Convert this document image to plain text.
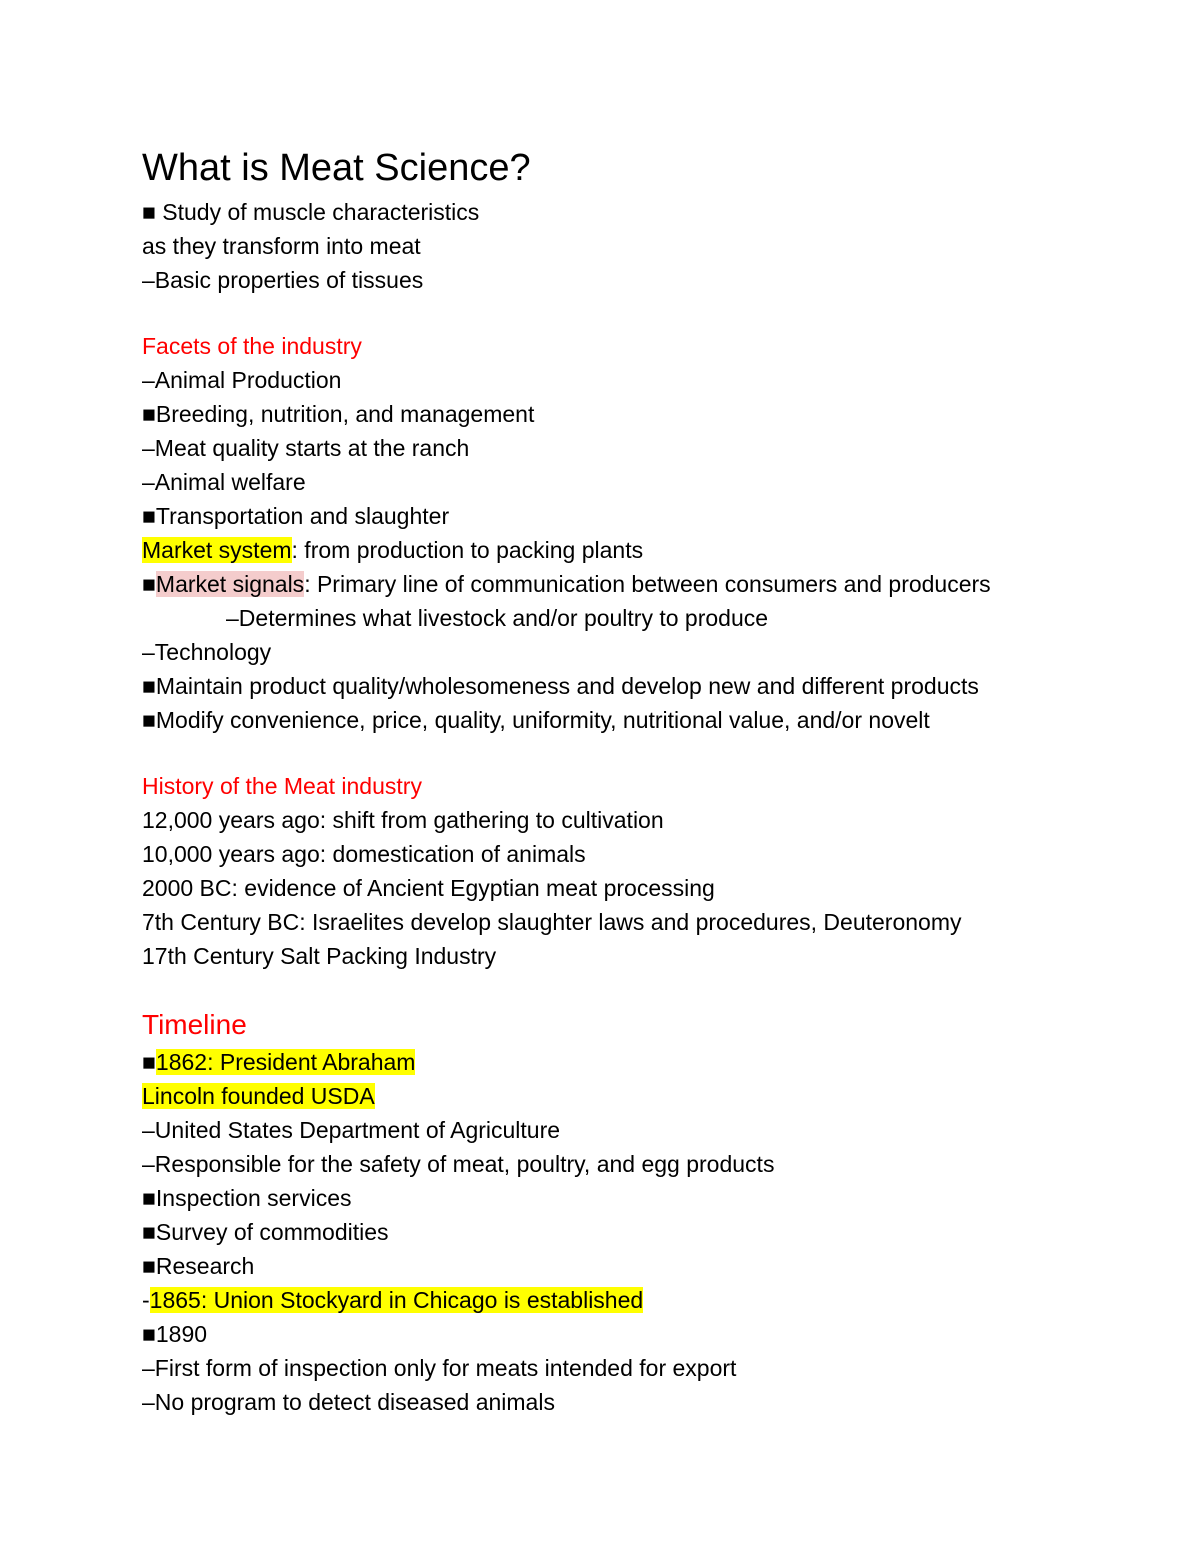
What is Meat Science?
■ Study of muscle characteristics
as they transform into meat
–Basic properties of tissues
Facets of the industry
–Animal Production
■Breeding, nutrition, and management
–Meat quality starts at the ranch
–Animal welfare
■Transportation and slaughter
Market system: from production to packing plants
■Market signals: Primary line of communication between consumers and producers
–Determines what livestock and/or poultry to produce
–Technology
■Maintain product quality/wholesomeness and develop new and different products
■Modify convenience, price, quality, uniformity, nutritional value, and/or novelt
History of the Meat industry
12,000 years ago: shift from gathering to cultivation
10,000 years ago: domestication of animals
2000 BC: evidence of Ancient Egyptian meat processing
7th Century BC: Israelites develop slaughter laws and procedures, Deuteronomy
17th Century Salt Packing Industry
Timeline
■1862: President Abraham
Lincoln founded USDA
–United States Department of Agriculture
–Responsible for the safety of meat, poultry, and egg products
■Inspection services
■Survey of commodities
■Research
-1865: Union Stockyard in Chicago is established
■1890
–First form of inspection only for meats intended for export
–No program to detect diseased animals
